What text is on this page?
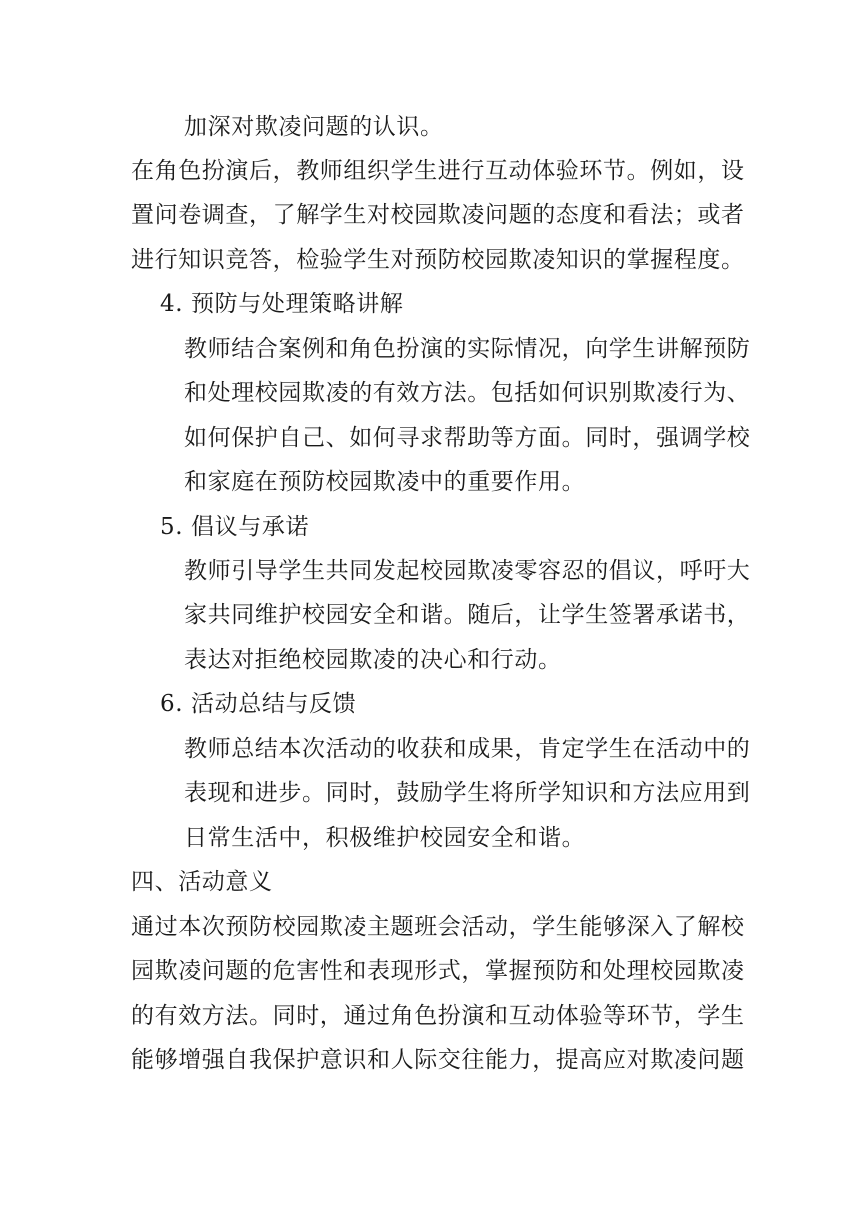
加深对欺凌问题的认识。
在角色扮演后，教师组织学生进行互动体验环节。例如，设
置问卷调查，了解学生对校园欺凌问题的态度和看法；或者
进行知识竞答，检验学生对预防校园欺凌知识的掌握程度。
4. 预防与处理策略讲解
教师结合案例和角色扮演的实际情况，向学生讲解预防
和处理校园欺凌的有效方法。包括如何识别欺凌行为、
如何保护自己、如何寻求帮助等方面。同时，强调学校
和家庭在预防校园欺凌中的重要作用。
5. 倡议与承诺
教师引导学生共同发起校园欺凌零容忍的倡议，呼吁大
家共同维护校园安全和谐。随后，让学生签署承诺书，
表达对拒绝校园欺凌的决心和行动。
6. 活动总结与反馈
教师总结本次活动的收获和成果，肯定学生在活动中的
表现和进步。同时，鼓励学生将所学知识和方法应用到
日常生活中，积极维护校园安全和谐。
四、活动意义
通过本次预防校园欺凌主题班会活动，学生能够深入了解校
园欺凌问题的危害性和表现形式，掌握预防和处理校园欺凌
的有效方法。同时，通过角色扮演和互动体验等环节，学生
能够增强自我保护意识和人际交往能力，提高应对欺凌问题
